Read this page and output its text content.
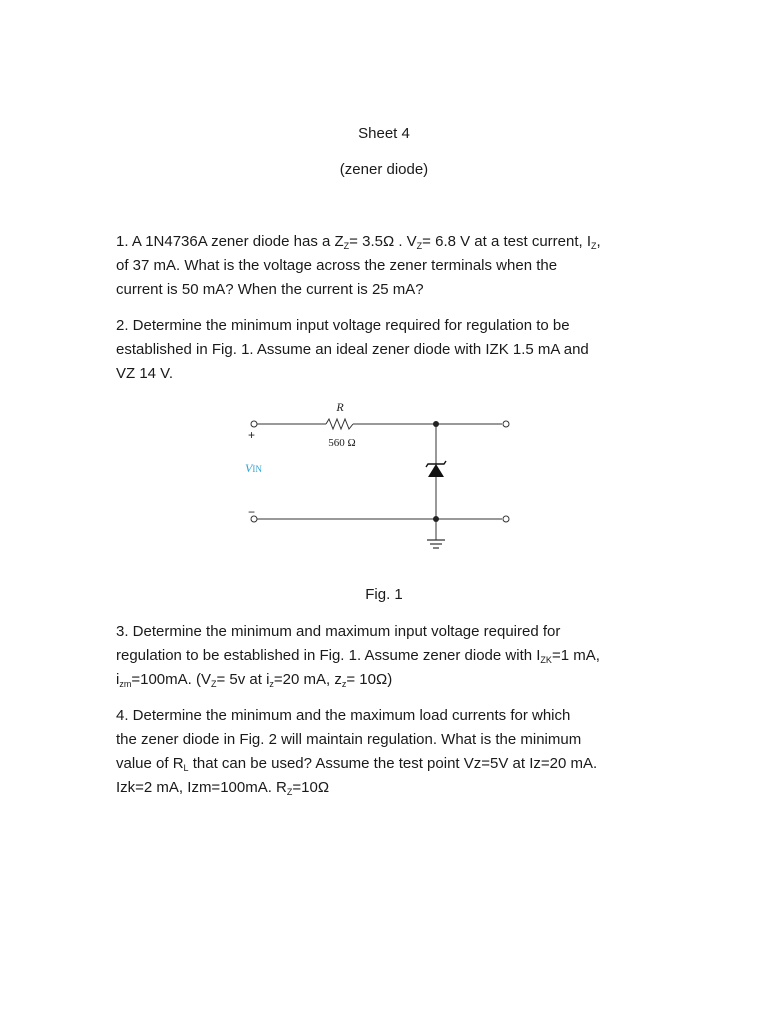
Sheet 4
(zener diode)
1. A 1N4736A zener diode has a $Z_Z= 3.5\Omega$ . $V_Z= 6.8$ V at a test current, $I_Z$,
of 37 mA. What is the voltage across the zener terminals when the
current is 50 mA? When the current is 25 mA?
2. Determine the minimum input voltage required for regulation to be
established in Fig. 1. Assume an ideal zener diode with IZK 1.5 mA and
VZ 14 V.
R
560 Ω
+
−
VIN
Fig. 1
3. Determine the minimum and maximum input voltage required for
regulation to be established in Fig. 1. Assume zener diode with $I_{ZK}=1$ mA,
$i_{zm}=100mA$. ($V_Z= 5v$ at $i_z=20$ mA, $z_z= 10\Omega$)
4. Determine the minimum and the maximum load currents for which
the zener diode in Fig. 2 will maintain regulation. What is the minimum
value of $R_L$ that can be used? Assume the test point Vz=5V at Iz=20 mA.
Izk=2 mA, Izm=100mA. $R_Z=10\Omega$
